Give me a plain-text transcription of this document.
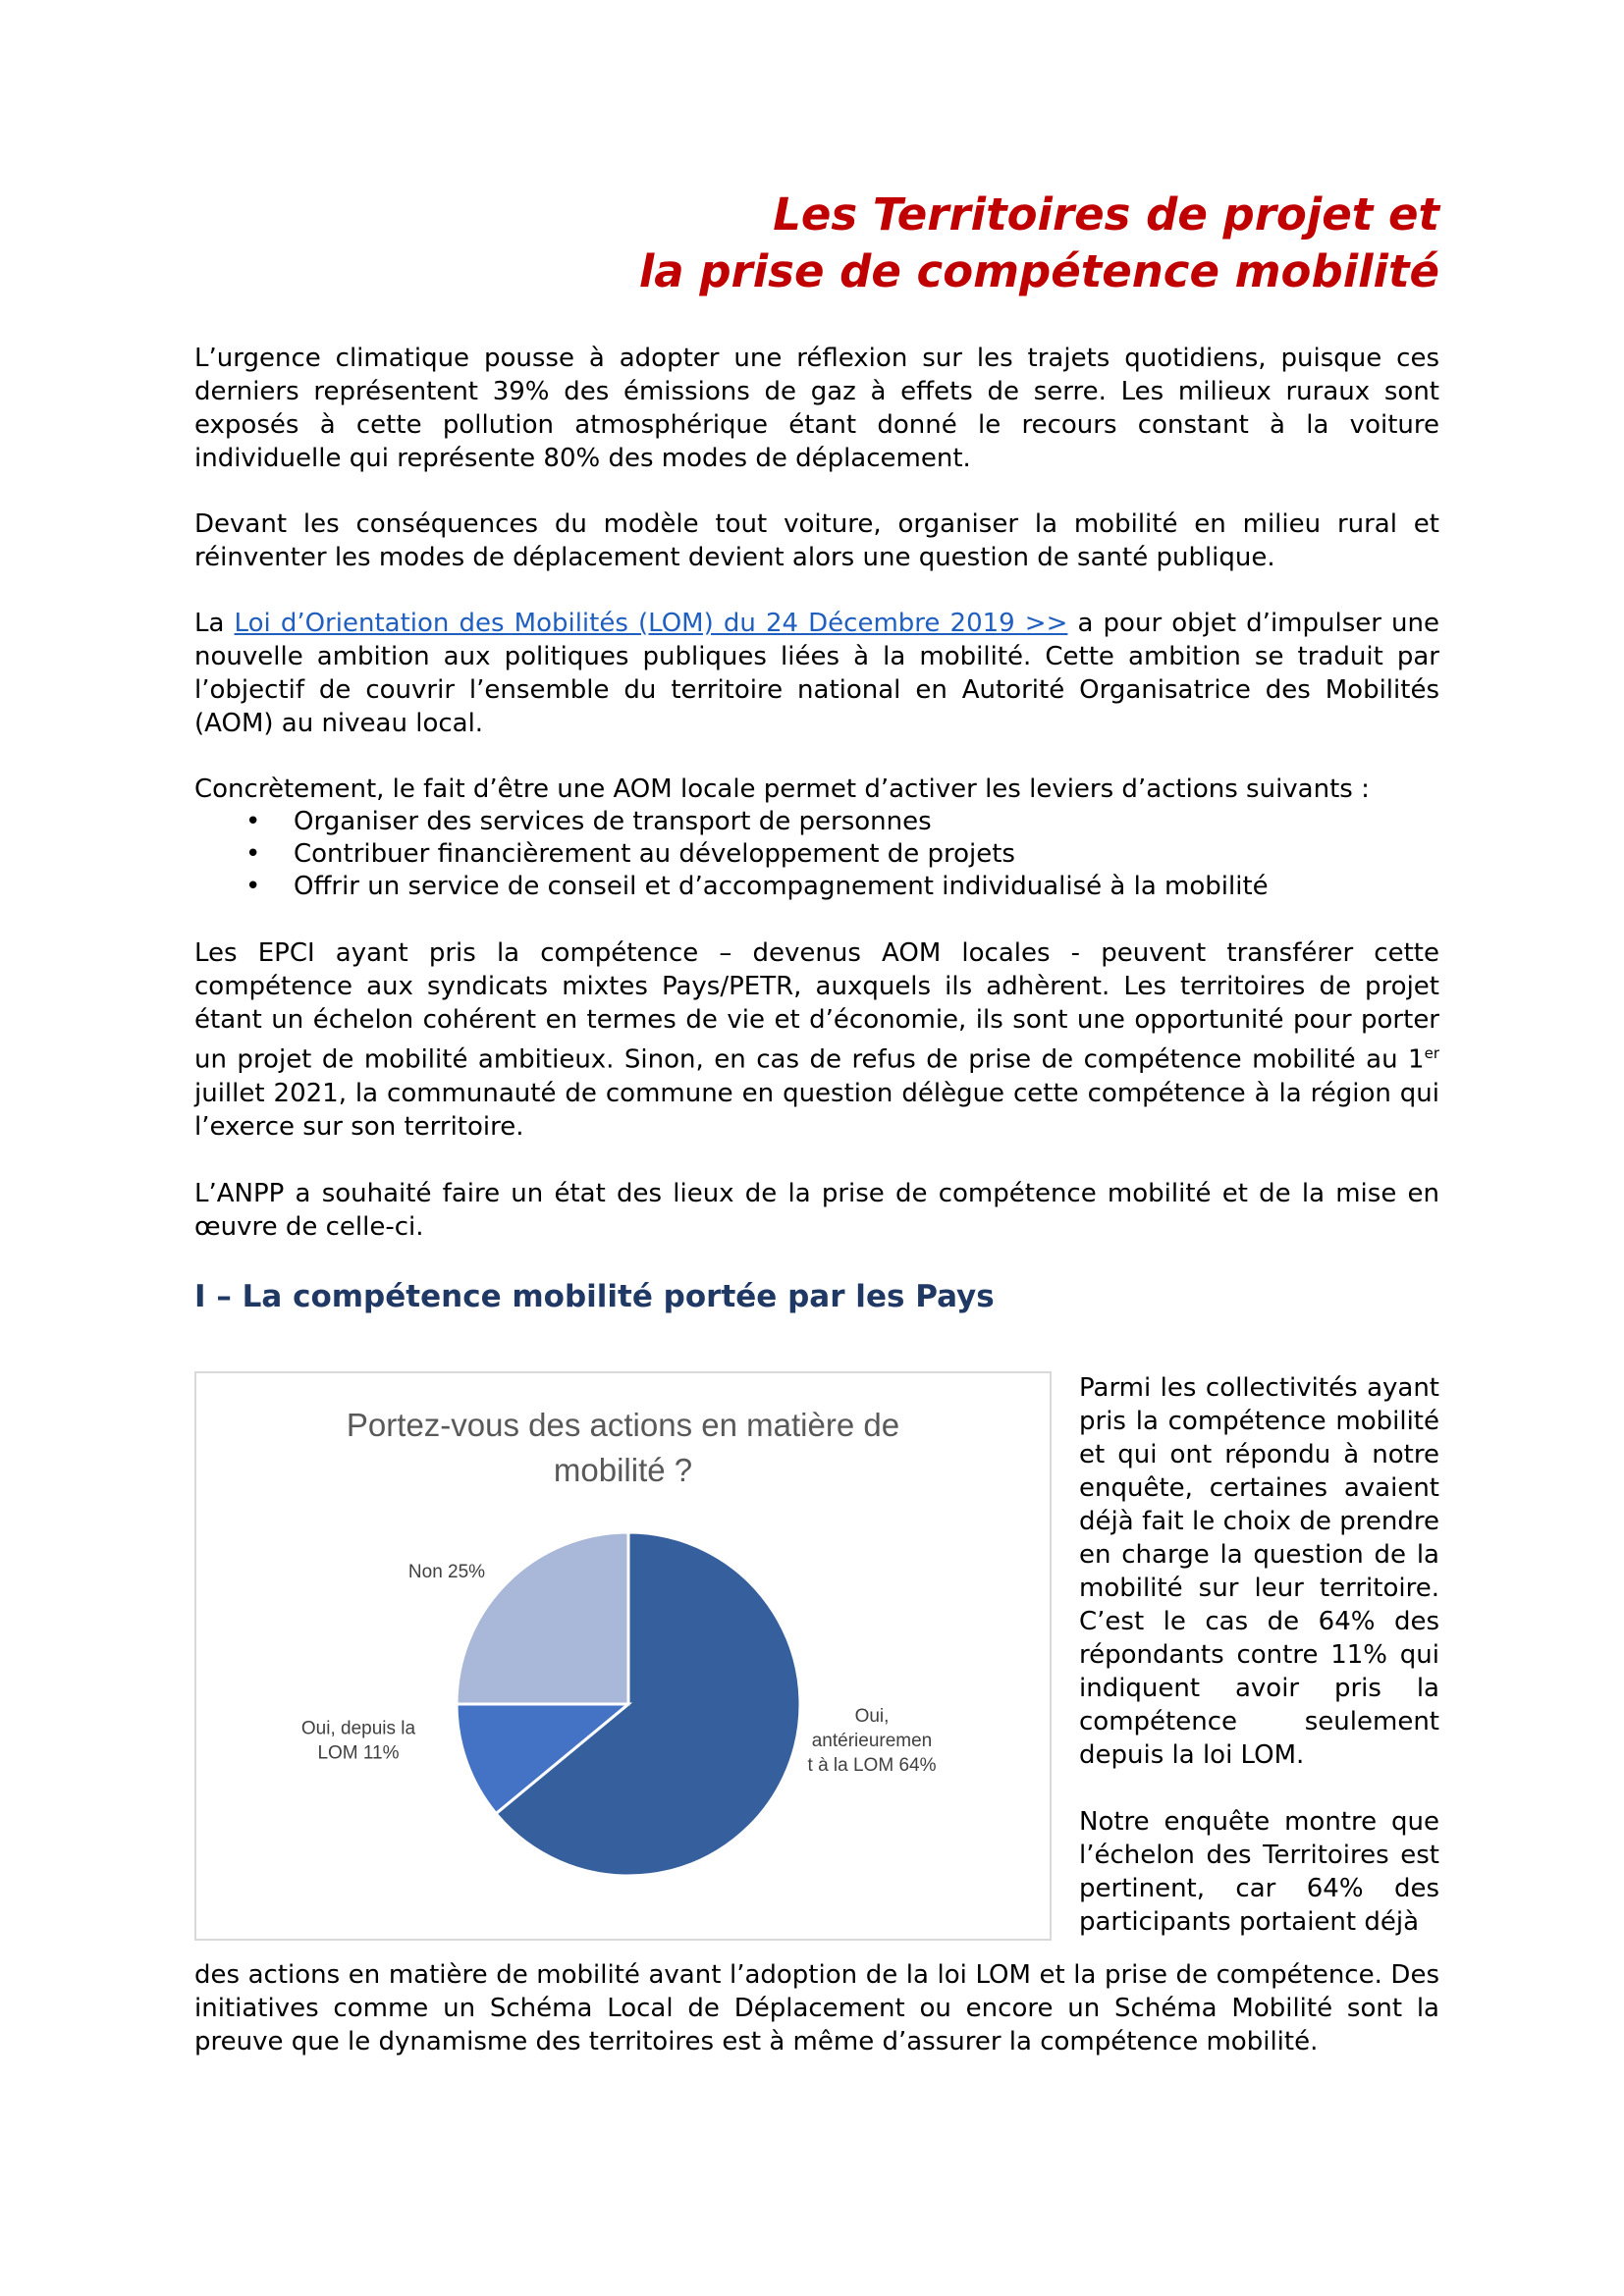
Les Territoires de projet et
la prise de compétence mobilité

L’urgence climatique pousse à adopter une réflexion sur les trajets quotidiens, puisque ces derniers représentent 39% des émissions de gaz à effets de serre. Les milieux ruraux sont exposés à cette pollution atmosphérique étant donné le recours constant à la voiture individuelle qui représente 80% des modes de déplacement.

Devant les conséquences du modèle tout voiture, organiser la mobilité en milieu rural et réinventer les modes de déplacement devient alors une question de santé publique.

La Loi d’Orientation des Mobilités (LOM) du 24 Décembre 2019 >> a pour objet d’impulser une nouvelle ambition aux politiques publiques liées à la mobilité. Cette ambition se traduit par l’objectif de couvrir l’ensemble du territoire national en Autorité Organisatrice des Mobilités (AOM) au niveau local.

Concrètement, le fait d’être une AOM locale permet d’activer les leviers d’actions suivants :

• Organiser des services de transport de personnes
• Contribuer financièrement au développement de projets
• Offrir un service de conseil et d’accompagnement individualisé à la mobilité

Les EPCI ayant pris la compétence – devenus AOM locales - peuvent transférer cette compétence aux syndicats mixtes Pays/PETR, auxquels ils adhèrent. Les territoires de projet étant un échelon cohérent en termes de vie et d’économie, ils sont une opportunité pour porter un projet de mobilité ambitieux. Sinon, en cas de refus de prise de compétence mobilité au 1er juillet 2021, la communauté de commune en question délègue cette compétence à la région qui l’exerce sur son territoire.

L’ANPP a souhaité faire un état des lieux de la prise de compétence mobilité et de la mise en œuvre de celle-ci.

I – La compétence mobilité portée par les Pays
Portez-vous des actions en matière de
mobilité ?
Oui, antérieuremen t à la LOM 64%
Oui, depuis la LOM 11%
Non 25%

Parmi les collectivités ayant pris la compétence mobilité et qui ont répondu à notre enquête, certaines avaient déjà fait le choix de prendre en charge la question de la mobilité sur leur territoire. C’est le cas de 64% des répondants contre 11% qui indiquent avoir pris la compétence seulement depuis la loi LOM.

Notre enquête montre que l’échelon des Territoires est pertinent, car 64% des participants portaient déjà

des actions en matière de mobilité avant l’adoption de la loi LOM et la prise de compétence. Des initiatives comme un Schéma Local de Déplacement ou encore un Schéma Mobilité sont la preuve que le dynamisme des territoires est à même d’assurer la compétence mobilité.
